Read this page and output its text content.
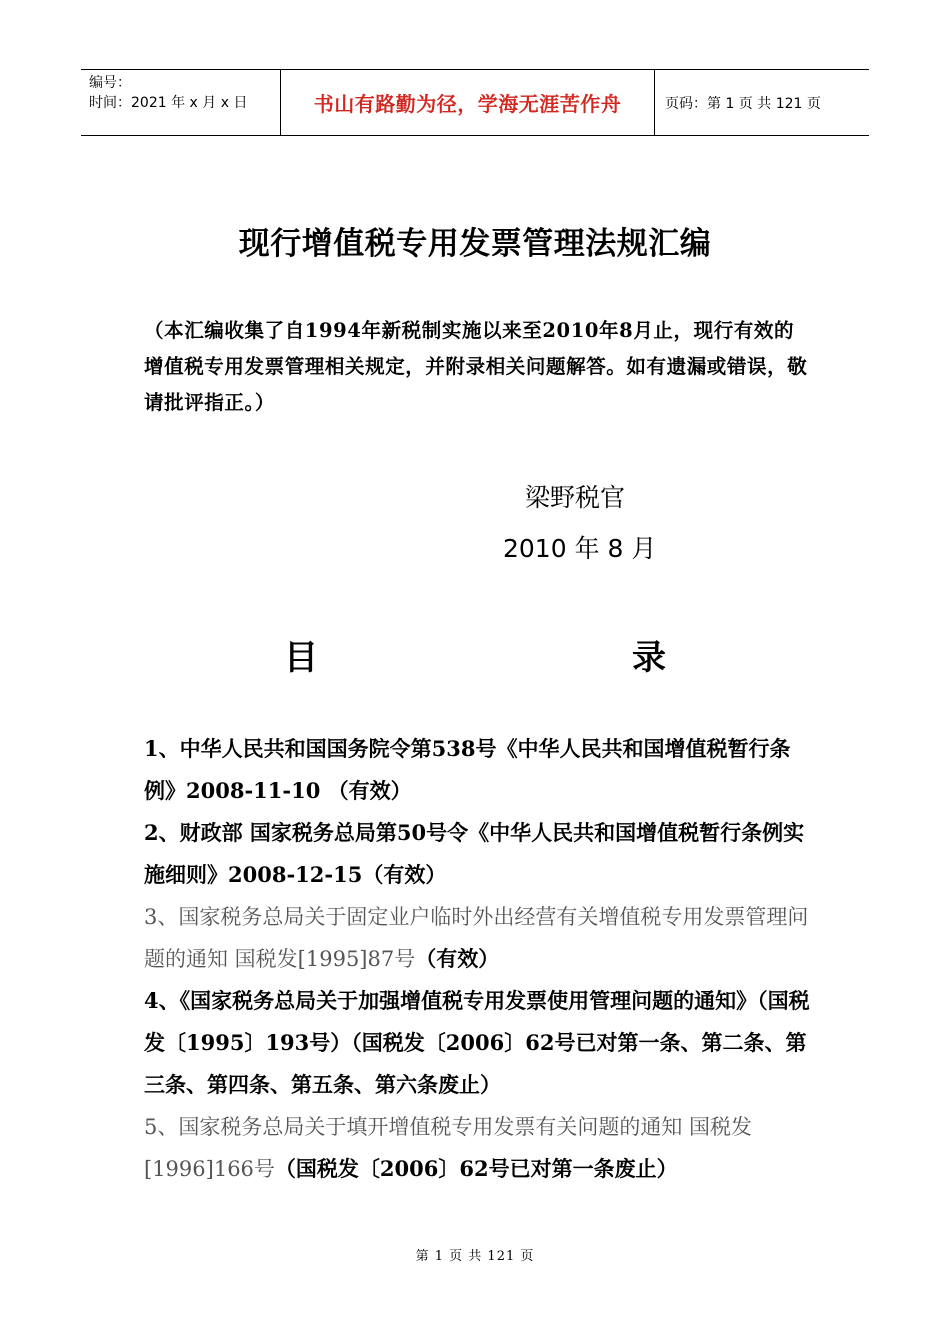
编号：
时间：2021 年 x 月 x 日	书山有路勤为径，学海无涯苦作舟	页码：第 1 页 共 121 页
现行增值税专用发票管理法规汇编
（本汇编收集了自1994年新税制实施以来至2010年8月止，现行有效的增值税专用发票管理相关规定，并附录相关问题解答。如有遗漏或错误，敬请批评指正。）
梁野税官
2010 年 8 月
目	录

1、中华人民共和国国务院令第538号《中华人民共和国增值税暂行条例》2008-11-10 （有效）

2、财政部 国家税务总局第50号令《中华人民共和国增值税暂行条例实施细则》2008-12-15（有效）

3、国家税务总局关于固定业户临时外出经营有关增值税专用发票管理问题的通知 国税发[1995]87号（有效）

4、《国家税务总局关于加强增值税专用发票使用管理问题的通知》（国税发〔1995〕193号）（国税发〔2006〕62号已对第一条、第二条、第三条、第四条、第五条、第六条废止）

5、国家税务总局关于填开增值税专用发票有关问题的通知 国税发[1996]166号（国税发〔2006〕62号已对第一条废止）

第 1 页 共 121 页
